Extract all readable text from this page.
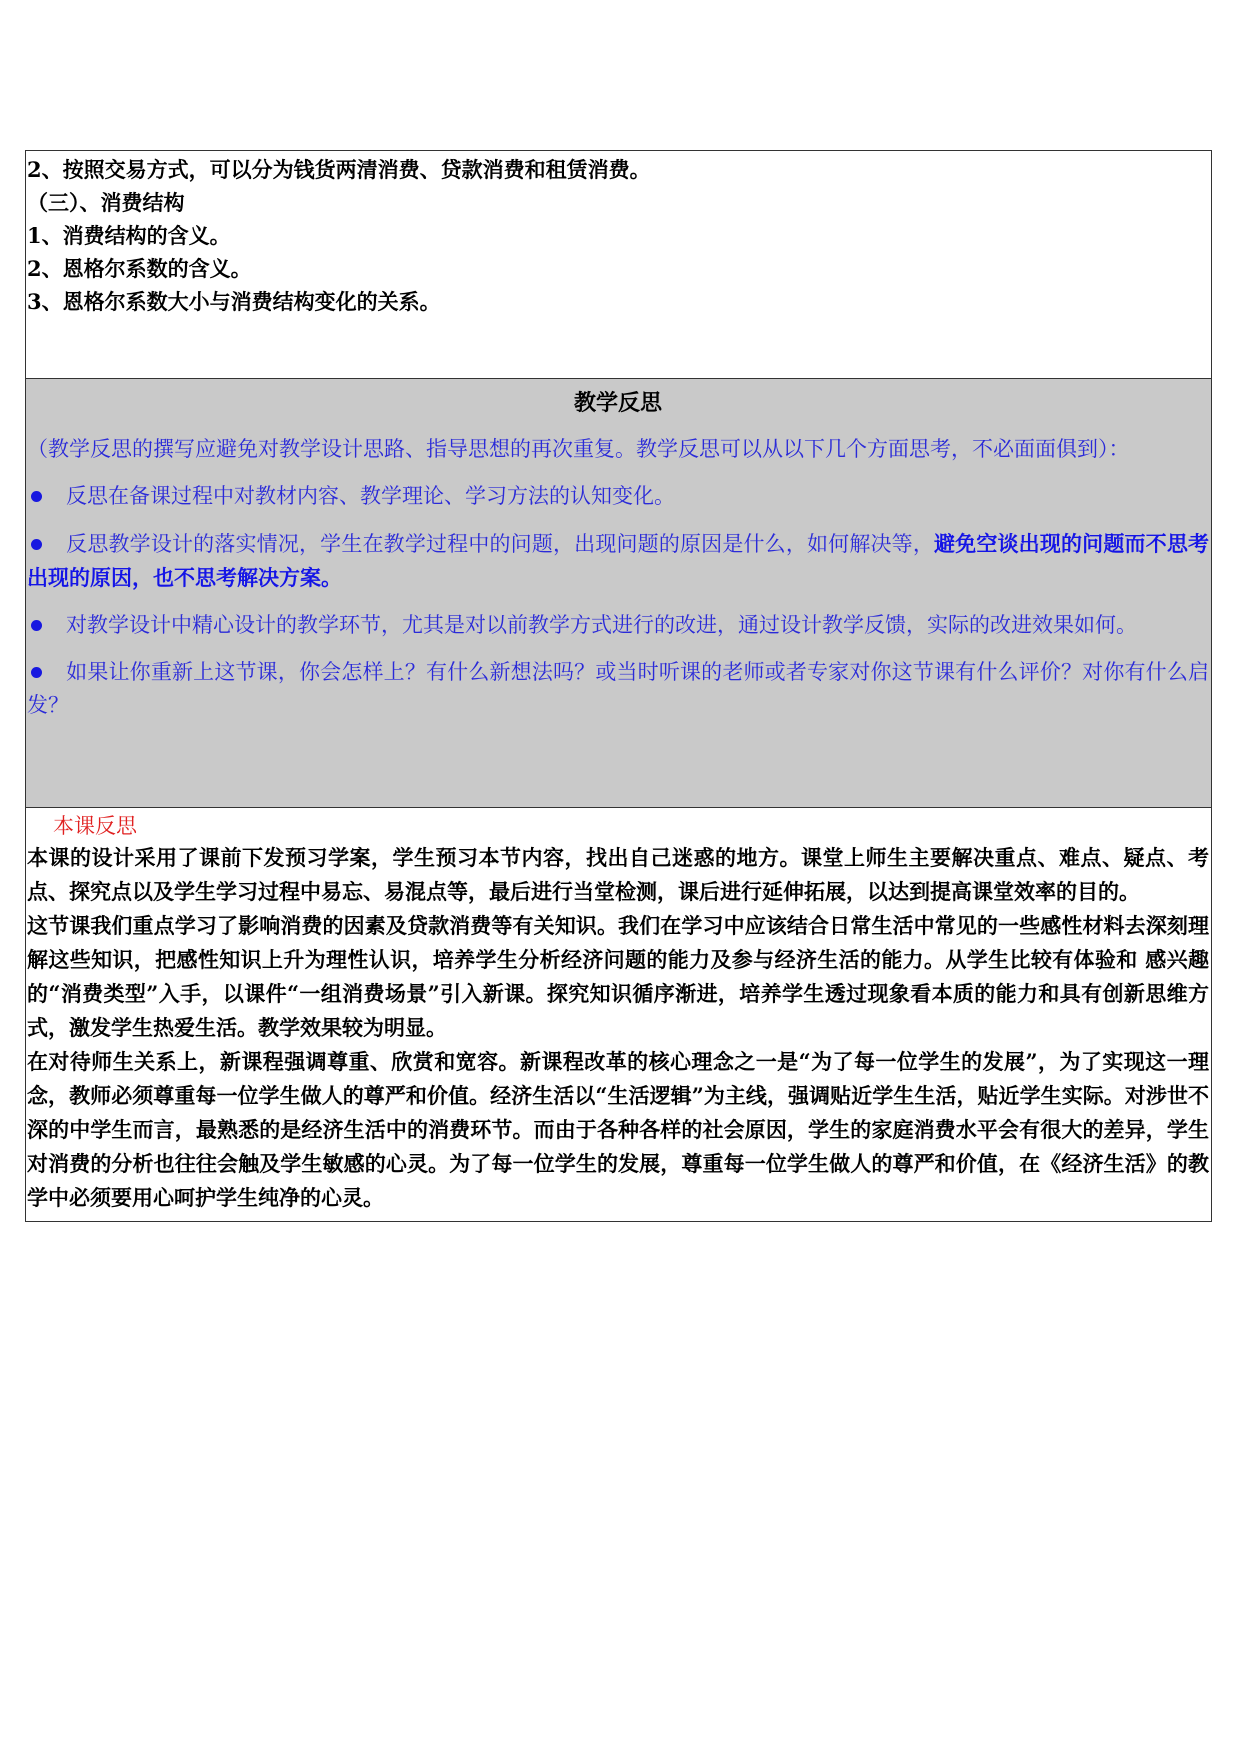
2、按照交易方式，可以分为钱货两清消费、贷款消费和租赁消费。
（三）、消费结构
1、消费结构的含义。
2、恩格尔系数的含义。
3、恩格尔系数大小与消费结构变化的关系。
教学反思
（教学反思的撰写应避免对教学设计思路、指导思想的再次重复。教学反思可以从以下几个方面思考，不必面面俱到）：
反思在备课过程中对教材内容、教学理论、学习方法的认知变化。
反思教学设计的落实情况，学生在教学过程中的问题，出现问题的原因是什么，如何解决等，避免空谈出现的问题而不思考出现的原因，也不思考解决方案。
对教学设计中精心设计的教学环节，尤其是对以前教学方式进行的改进，通过设计教学反馈，实际的改进效果如何。
如果让你重新上这节课，你会怎样上？有什么新想法吗？或当时听课的老师或者专家对你这节课有什么评价？对你有什么启发？
本课反思
本课的设计采用了课前下发预习学案，学生预习本节内容，找出自己迷惑的地方。课堂上师生主要解决重点、难点、疑点、考点、探究点以及学生学习过程中易忘、易混点等，最后进行当堂检测，课后进行延伸拓展，以达到提高课堂效率的目的。
这节课我们重点学习了影响消费的因素及贷款消费等有关知识。我们在学习中应该结合日常生活中常见的一些感性材料去深刻理解这些知识，把感性知识上升为理性认识，培养学生分析经济问题的能力及参与经济生活的能力。从学生比较有体验和 感兴趣的“消费类型”入手，以课件“一组消费场景”引入新课。探究知识循序渐进，培养学生透过现象看本质的能力和具有创新思维方式，激发学生热爱生活。教学效果较为明显。
在对待师生关系上，新课程强调尊重、欣赏和宽容。新课程改革的核心理念之一是“为了每一位学生的发展”，为了实现这一理念，教师必须尊重每一位学生做人的尊严和价值。经济生活以“生活逻辑”为主线，强调贴近学生生活，贴近学生实际。对涉世不深的中学生而言，最熟悉的是经济生活中的消费环节。而由于各种各样的社会原因，学生的家庭消费水平会有很大的差异，学生对消费的分析也往往会触及学生敏感的心灵。为了每一位学生的发展，尊重每一位学生做人的尊严和价值，在《经济生活》的教学中必须要用心呵护学生纯净的心灵。
